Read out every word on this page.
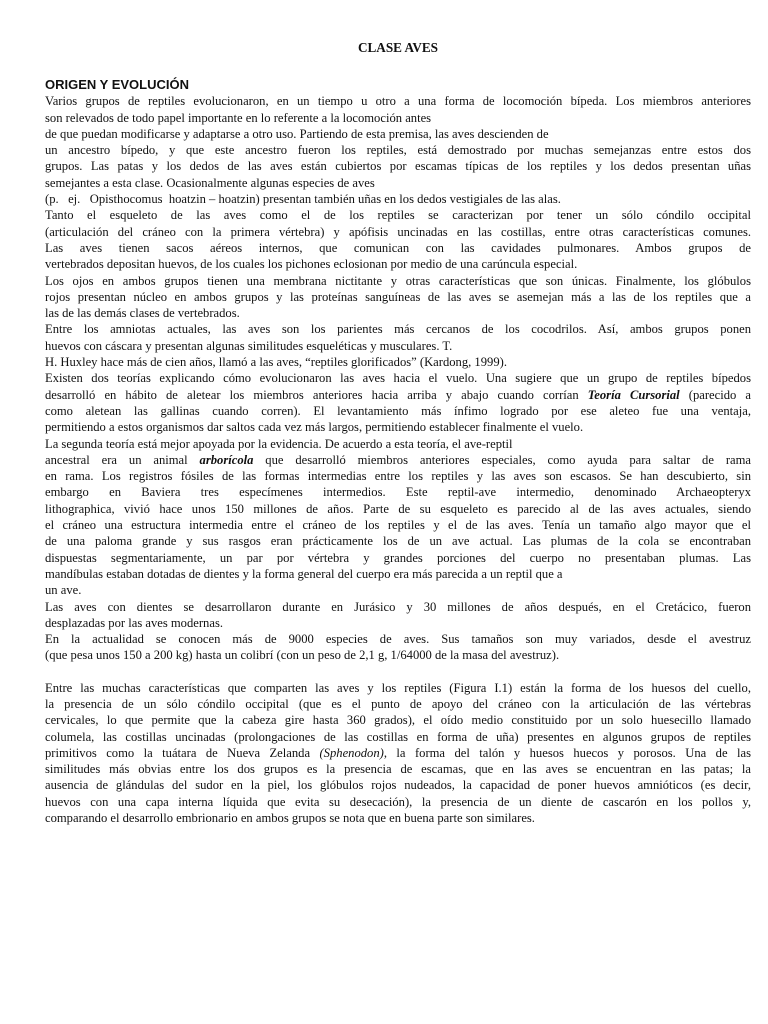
CLASE AVES

ORIGEN Y EVOLUCIÓN

Varios grupos de reptiles evolucionaron, en un tiempo u otro a una forma de locomoción bípeda. Los miembros anteriores

son relevados de todo papel importante en lo referente a la locomoción antes

de que puedan modificarse y adaptarse a otro uso. Partiendo de esta premisa, las aves descienden de

un ancestro bípedo, y que este ancestro fueron los reptiles, está demostrado por muchas semejanzas entre estos dos

grupos. Las patas y los dedos de las aves están cubiertos por escamas típicas de los reptiles y los dedos presentan uñas

semejantes a esta clase. Ocasionalmente algunas especies de aves

(p.   ej.   Opisthocomus  hoatzin – hoatzin) presentan también uñas en los dedos vestigiales de las alas.

Tanto el esqueleto de las aves como el de los reptiles se caracterizan por tener un sólo cóndilo occipital

(articulación del cráneo con la primera vértebra) y apófisis uncinadas en las costillas, entre otras características comunes.

Las aves tienen sacos aéreos internos, que comunican con las cavidades pulmonares. Ambos grupos de

vertebrados depositan huevos, de los cuales los pichones eclosionan por medio de una carúncula especial.

Los ojos en ambos grupos tienen una membrana nictitante y otras características que son únicas. Finalmente, los glóbulos

rojos presentan núcleo en ambos grupos y las proteínas sanguíneas de las aves se asemejan más a las de los reptiles que a

las de las demás clases de vertebrados.

Entre los amniotas actuales, las aves son los parientes más cercanos de los cocodrilos. Así, ambos grupos ponen

huevos con cáscara y presentan algunas similitudes esqueléticas y musculares. T.

H. Huxley hace más de cien años, llamó a las aves, “reptiles glorificados” (Kardong, 1999).

Existen dos teorías explicando cómo evolucionaron las aves hacia el vuelo. Una sugiere que un grupo de reptiles bípedos

desarrolló en hábito de aletear los miembros anteriores hacia arriba y abajo cuando corrían Teoría Cursorial (parecido a

como aletean las gallinas cuando corren). El levantamiento más ínfimo logrado por ese aleteo fue una ventaja,

permitiendo a estos organismos dar saltos cada vez más largos, permitiendo establecer finalmente el vuelo.

La segunda teoría está mejor apoyada por la evidencia. De acuerdo a esta teoría, el ave-reptil

ancestral era un animal arborícola que desarrolló miembros anteriores especiales, como ayuda para saltar de rama

en rama. Los registros fósiles de las formas intermedias entre los reptiles y las aves son escasos. Se han descubierto, sin

embargo en Baviera tres especímenes intermedios. Este reptil-ave intermedio, denominado Archaeopteryx

lithographica, vivió hace unos 150 millones de años. Parte de su esqueleto es parecido al de las aves actuales, siendo

el cráneo una estructura intermedia entre el cráneo de los reptiles y el de las aves. Tenía un tamaño algo mayor que el

de una paloma grande y sus rasgos eran prácticamente los de un ave actual. Las plumas de la cola se encontraban

dispuestas segmentariamente, un par por vértebra y grandes porciones del cuerpo no presentaban plumas. Las

mandíbulas estaban dotadas de dientes y la forma general del cuerpo era más parecida a un reptil que a

un ave.

Las aves con dientes se desarrollaron durante en Jurásico y 30 millones de años después, en el Cretácico, fueron

desplazadas por las aves modernas.

En la actualidad se conocen más de 9000 especies de aves. Sus tamaños son muy variados, desde el avestruz

(que pesa unos 150 a 200 kg) hasta un colibrí (con un peso de 2,1 g, 1/64000 de la masa del avestruz).

Entre las muchas características que comparten las aves y los reptiles (Figura I.1) están la forma de los huesos del cuello,

la presencia de un sólo cóndilo occipital (que es el punto de apoyo del cráneo con la articulación de las vértebras

cervicales, lo que permite que la cabeza gire hasta 360 grados), el oído medio constituido por un solo huesecillo llamado

columela, las costillas uncinadas (prolongaciones de las costillas en forma de uña) presentes en algunos grupos de reptiles

primitivos como la tuátara de Nueva Zelanda (Sphenodon), la forma del talón y huesos huecos y porosos. Una de las

similitudes más obvias entre los dos grupos es la presencia de escamas, que en las aves se encuentran en las patas; la

ausencia de glándulas del sudor en la piel, los glóbulos rojos nudeados, la capacidad de poner huevos amnióticos (es decir,

huevos con una capa interna líquida que evita su desecación), la presencia de un diente de cascarón en los pollos y,

comparando el desarrollo embrionario en ambos grupos se nota que en buena parte son similares.
